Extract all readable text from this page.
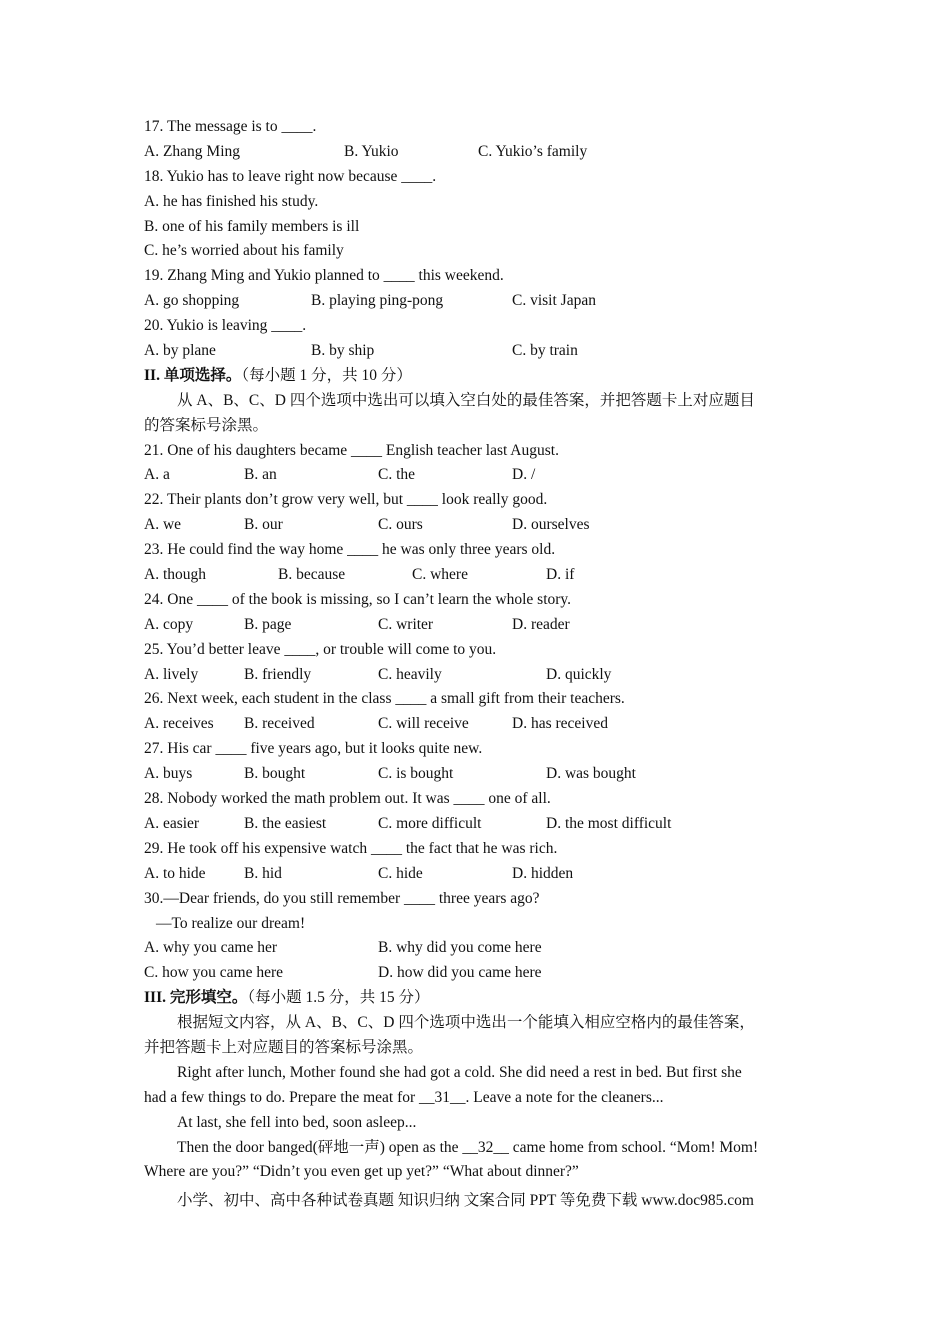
17. The message is to ____.
A. Zhang Ming	B. Yukio	C. Yukio’s family
18. Yukio has to leave right now because ____.
A. he has finished his study.
B. one of his family members is ill
C. he’s worried about his family
19. Zhang Ming and Yukio planned to ____ this weekend.
A. go shopping	B. playing ping-pong	C. visit Japan
20. Yukio is leaving ____.
A. by plane	B. by ship	C. by train
II. 单项选择。（每小题 1 分，共 10 分）
从 A、B、C、D 四个选项中选出可以填入空白处的最佳答案，并把答题卡上对应题目
的答案标号涂黑。
21. One of his daughters became ____ English teacher last August.
A. a	B. an	C. the	D. /
22. Their plants don’t grow very well, but ____ look really good.
A. we	B. our	C. ours	D. ourselves
23. He could find the way home ____ he was only three years old.
A. though	B. because	C. where	D. if
24. One ____ of the book is missing, so I can’t learn the whole story.
A. copy	B. page	C. writer	D. reader
25. You’d better leave ____, or trouble will come to you.
A. lively	B. friendly	C. heavily	D. quickly
26. Next week, each student in the class ____ a small gift from their teachers.
A. receives B. received	C. will receive	D. has received
27. His car ____ five years ago, but it looks quite new.
A. buys	B. bought	C. is bought	D. was bought
28. Nobody worked the math problem out. It was ____ one of all.
A. easier	B. the easiest	C. more difficult	D. the most difficult
29. He took off his expensive watch ____ the fact that he was rich.
A. to hide B. hid	C. hide	D. hidden
30.—Dear friends, do you still remember ____ three years ago?
—To realize our dream!
A. why you came her	B. why did you come here
C. how you came here	D. how did you came here
III. 完形填空。（每小题 1.5 分，共 15 分）
根据短文内容，从 A、B、C、D 四个选项中选出一个能填入相应空格内的最佳答案，
并把答题卡上对应题目的答案标号涂黑。
Right after lunch, Mother found she had got a cold. She did need a rest in bed. But first she
had a few things to do. Prepare the meat for __31__. Leave a note for the cleaners...
At last, she fell into bed, soon asleep...
Then the door banged(砰地一声) open as the __32__ came home from school. “Mom! Mom!
Where are you?” “Didn’t you even get up yet?” “What about dinner?”
小学、初中、高中各种试卷真题 知识归纳 文案合同 PPT 等免费下载 www.doc985.com
